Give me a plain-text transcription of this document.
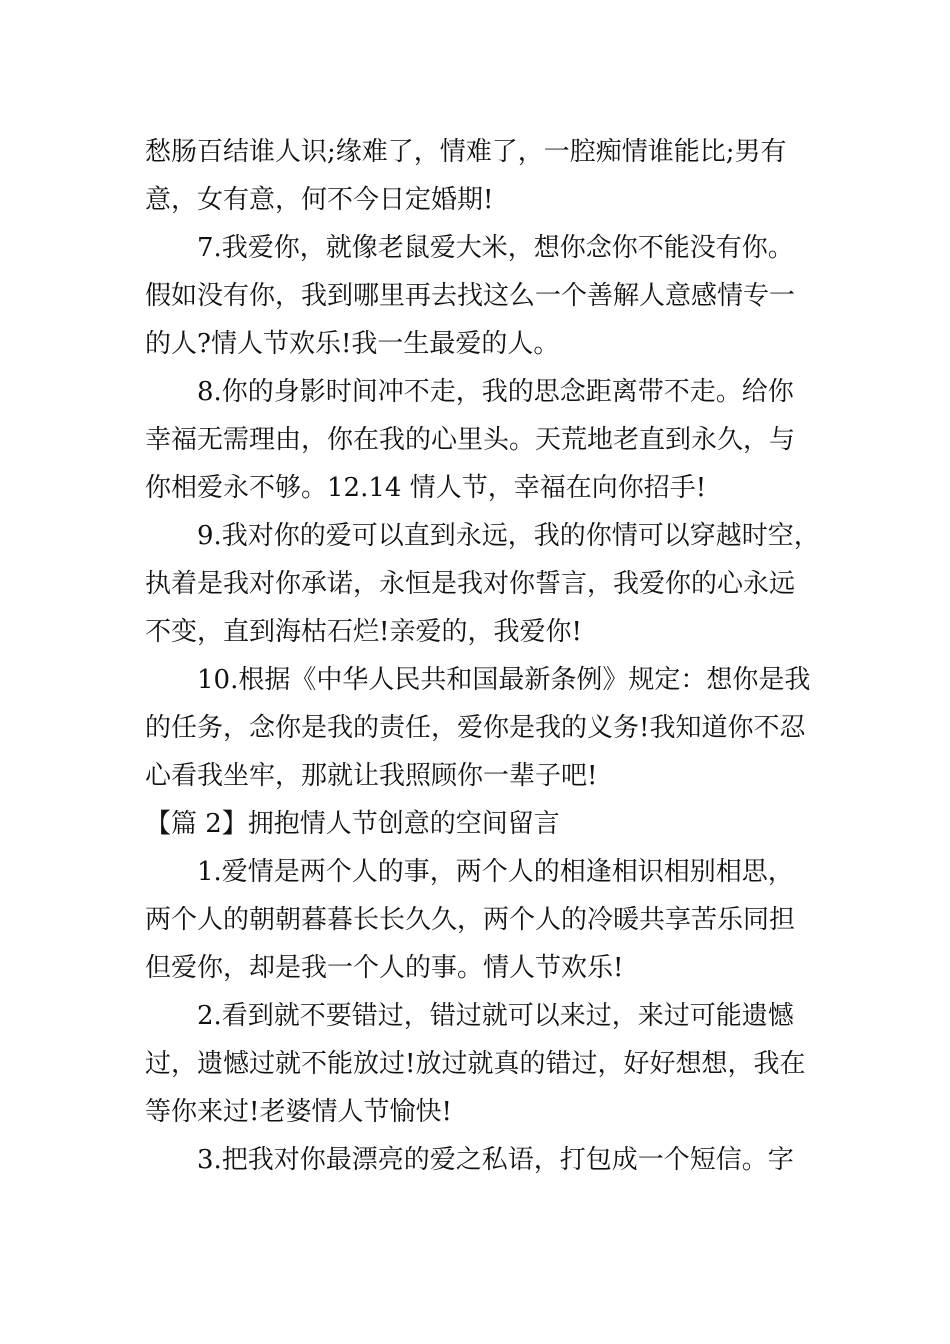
愁肠百结谁人识;缘难了，情难了，一腔痴情谁能比;男有
意，女有意，何不今日定婚期!
7.我爱你，就像老鼠爱大米，想你念你不能没有你。
假如没有你，我到哪里再去找这么一个善解人意感情专一
的人?情人节欢乐!我一生最爱的人。
8.你的身影时间冲不走，我的思念距离带不走。给你
幸福无需理由，你在我的心里头。天荒地老直到永久，与
你相爱永不够。12.14 情人节，幸福在向你招手!
9.我对你的爱可以直到永远，我的你情可以穿越时空，
执着是我对你承诺，永恒是我对你誓言，我爱你的心永远
不变，直到海枯石烂!亲爱的，我爱你!
10.根据《中华人民共和国最新条例》规定：想你是我
的任务，念你是我的责任，爱你是我的义务!我知道你不忍
心看我坐牢，那就让我照顾你一辈子吧!
【篇 2】拥抱情人节创意的空间留言
1.爱情是两个人的事，两个人的相逢相识相别相思，
两个人的朝朝暮暮长长久久，两个人的冷暖共享苦乐同担
但爱你，却是我一个人的事。情人节欢乐!
2.看到就不要错过，错过就可以来过，来过可能遗憾
过，遗憾过就不能放过!放过就真的错过，好好想想，我在
等你来过!老婆情人节愉快!
3.把我对你最漂亮的爱之私语，打包成一个短信。字
